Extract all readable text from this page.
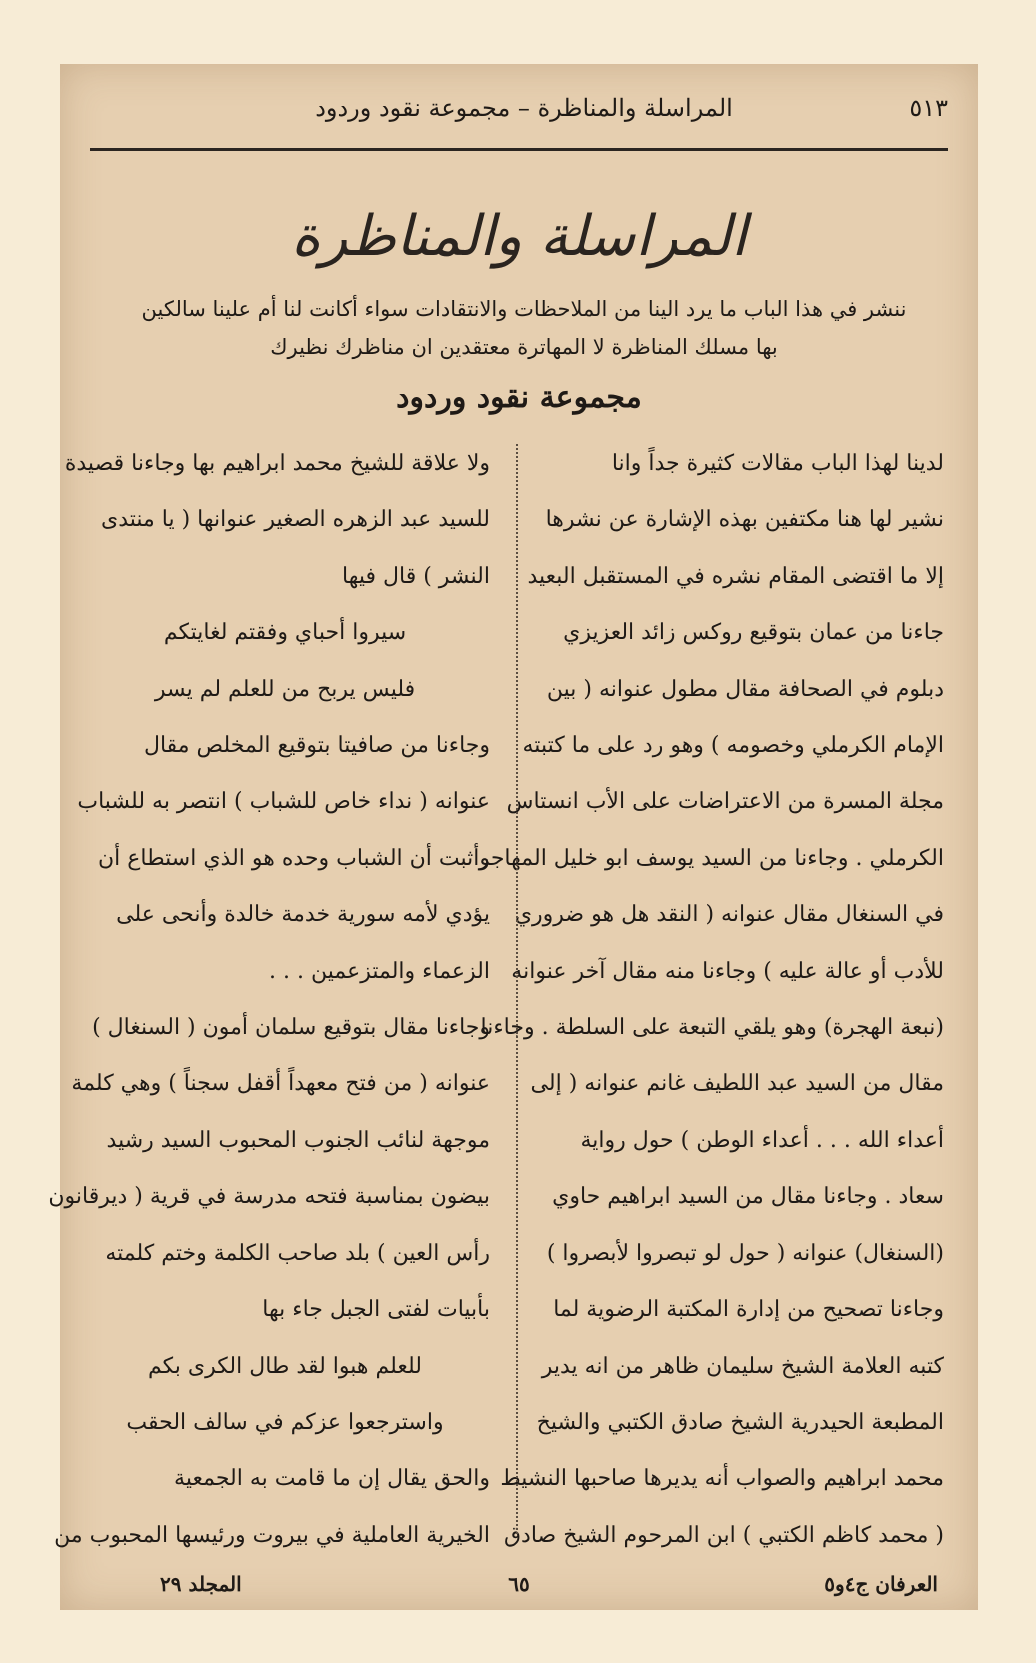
٥١٣
المراسلة والمناظرة – مجموعة نقود وردود
المراسلة والمناظرة
ننشر في هذا الباب ما يرد الينا من الملاحظات والانتقادات سواء أكانت لنا أم علينا سالكين
بها مسلك المناظرة لا المهاترة معتقدين ان مناظرك نظيرك
مجموعة نقود وردود
لدينا لهذا الباب مقالات كثيرة جداً وانا
نشير لها هنا مكتفين بهذه الإشارة عن نشرها
إلا ما اقتضى المقام نشره في المستقبل البعيد
جاءنا من عمان بتوقيع روكس زائد العزيزي
دبلوم في الصحافة مقال مطول عنوانه ( بين
الإمام الكرملي وخصومه ) وهو رد على ما كتبته
مجلة المسرة من الاعتراضات على الأب انستاس
الكرملي . وجاءنا من السيد يوسف ابو خليل المهاجر
في السنغال مقال عنوانه ( النقد هل هو ضروري
للأدب أو عالة عليه ) وجاءنا منه مقال آخر عنوانه
(نبعة الهجرة) وهو يلقي التبعة على السلطة . وجاءنا
مقال من السيد عبد اللطيف غانم عنوانه ( إلى
أعداء الله . . . أعداء الوطن ) حول رواية
سعاد . وجاءنا مقال من السيد ابراهيم حاوي
(السنغال) عنوانه ( حول لو تبصروا لأبصروا )
وجاءنا تصحيح من إدارة المكتبة الرضوية لما
كتبه العلامة الشيخ سليمان ظاهر من انه يدير
المطبعة الحيدرية الشيخ صادق الكتبي والشيخ
محمد ابراهيم والصواب أنه يديرها صاحبها النشيط
( محمد كاظم الكتبي ) ابن المرحوم الشيخ صادق
ولا علاقة للشيخ محمد ابراهيم بها وجاءنا قصيدة
للسيد عبد الزهره الصغير عنوانها ( يا منتدى
النشر ) قال فيها
سيروا أحباي وفقتم لغايتكم
فليس يربح من للعلم لم يسر
وجاءنا من صافيتا بتوقيع المخلص مقال
عنوانه ( نداء خاص للشباب ) انتصر به للشباب
وأثبت أن الشباب وحده هو الذي استطاع أن
يؤدي لأمه سورية خدمة خالدة وأنحى على
الزعماء والمتزعمين . . .
وجاءنا مقال بتوقيع سلمان أمون ( السنغال )
عنوانه ( من فتح معهداً أقفل سجناً ) وهي كلمة
موجهة لنائب الجنوب المحبوب السيد رشيد
بيضون بمناسبة فتحه مدرسة في قرية ( ديرقانون
رأس العين ) بلد صاحب الكلمة وختم كلمته
بأبيات لفتى الجبل جاء بها
للعلم هبوا لقد طال الكرى بكم
واسترجعوا عزكم في سالف الحقب
والحق يقال إن ما قامت به الجمعية
الخيرية العاملية في بيروت ورئيسها المحبوب من
العرفان ج٤و٥
٦٥
المجلد ٢٩
